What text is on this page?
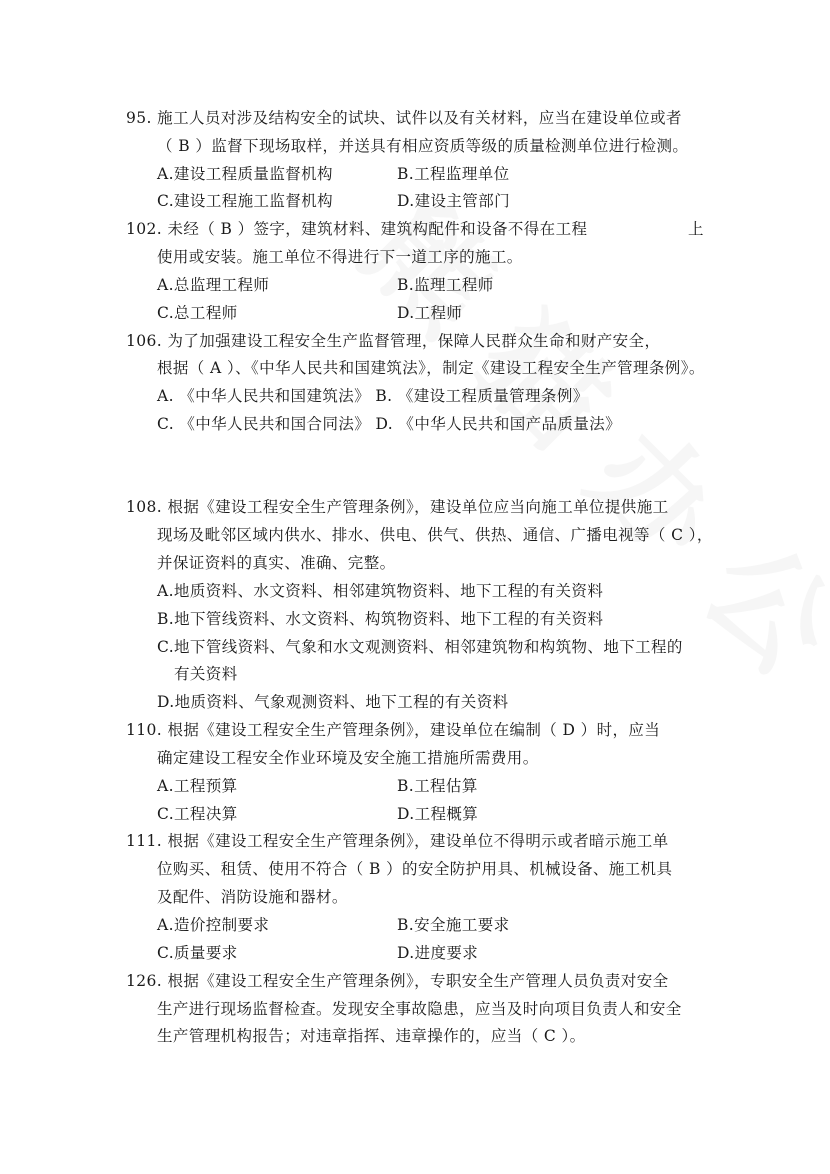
95. 施工人员对涉及结构安全的试块、试件以及有关材料，应当在建设单位或者
（ B ）监督下现场取样，并送具有相应资质等级的质量检测单位进行检测。
A.建设工程质量监督机构	B.工程监理单位
C.建设工程施工监督机构	D.建设主管部门
102. 未经（ B ）签字，建筑材料、建筑构配件和设备不得在工程	上
使用或安装。施工单位不得进行下一道工序的施工。
A.总监理工程师	B.监理工程师
C.总工程师	D.工程师
106. 为了加强建设工程安全生产监督管理，保障人民群众生命和财产安全，
根据（ A ）、《中华人民共和国建筑法》，制定《建设工程安全生产管理条例》。
A. 《中华人民共和国建筑法》 B. 《建设工程质量管理条例》
C. 《中华人民共和国合同法》 D. 《中华人民共和国产品质量法》
108. 根据《建设工程安全生产管理条例》，建设单位应当向施工单位提供施工
现场及毗邻区域内供水、排水、供电、供气、供热、通信、广播电视等（ C ），
并保证资料的真实、准确、完整。
A.地质资料、水文资料、相邻建筑物资料、地下工程的有关资料
B.地下管线资料、水文资料、构筑物资料、地下工程的有关资料
C.地下管线资料、气象和水文观测资料、相邻建筑物和构筑物、地下工程的
有关资料
D.地质资料、气象观测资料、地下工程的有关资料
110. 根据《建设工程安全生产管理条例》，建设单位在编制（ D ）时，应当
确定建设工程安全作业环境及安全施工措施所需费用。
A.工程预算	B.工程估算
C.工程决算	D.工程概算
111. 根据《建设工程安全生产管理条例》，建设单位不得明示或者暗示施工单
位购买、租赁、使用不符合（ B ）的安全防护用具、机械设备、施工机具
及配件、消防设施和器材。
A.造价控制要求	B.安全施工要求
C.质量要求	D.进度要求
126. 根据《建设工程安全生产管理条例》，专职安全生产管理人员负责对安全
生产进行现场监督检查。发现安全事故隐患，应当及时向项目负责人和安全
生产管理机构报告；对违章指挥、违章操作的，应当（ C ）。
